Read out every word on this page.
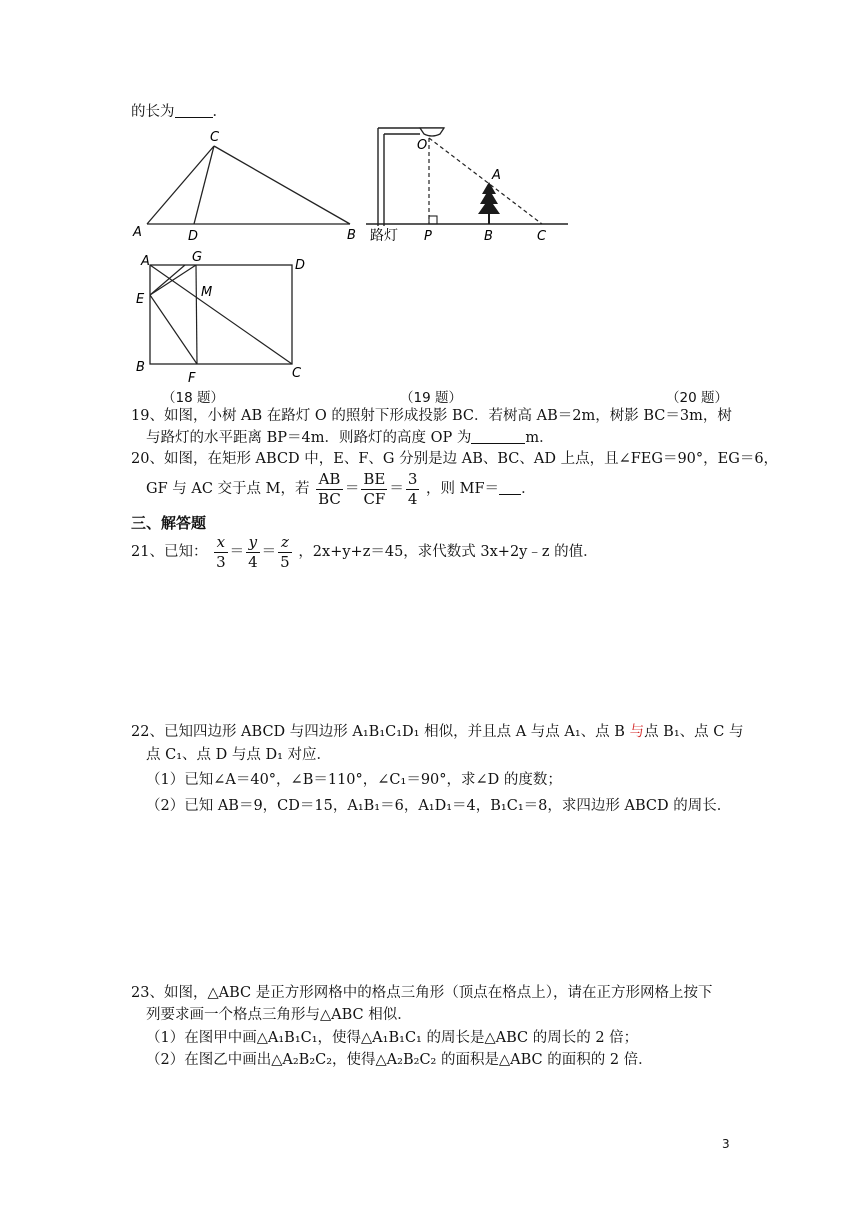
的长为	．
C
A	D	B
O
A
P	B	C
路灯
A	G
D
E	M
B
F	C
（18 题）	（19 题）	（20 题）
19、如图，小树 AB 在路灯 O 的照射下形成投影 BC．若树高 AB＝2m，树影 BC＝3m，树
与路灯的水平距离 BP＝4m．则路灯的高度 OP 为	m．
20、如图，在矩形 ABCD 中，E、F、G 分别是边 AB、BC、AD 上点，且∠FEG＝90°，EG＝6，
GF 与 AC 交于点 M，若 $\frac{AB}{BC} = \frac{BE}{CF} = \frac{3}{4}$ ，则 MF＝ ．
三、解答题
21、已知： $\frac{x}{3} = \frac{y}{4} = \frac{z}{5}$ ，2x+y+z＝45，求代数式 3x+2y﹣z 的值．
22、已知四边形 ABCD 与四边形 A₁B₁C₁D₁ 相似，并且点 A 与点 A₁、点 B 与点 B₁、点 C 与
点 C₁、点 D 与点 D₁ 对应．
（1）已知∠A＝40°，∠B＝110°，∠C₁＝90°，求∠D 的度数；
（2）已知 AB＝9，CD＝15，A₁B₁＝6，A₁D₁＝4，B₁C₁＝8，求四边形 ABCD 的周长．
23、如图，△ABC 是正方形网格中的格点三角形（顶点在格点上），请在正方形网格上按下
列要求画一个格点三角形与△ABC 相似．
（1）在图甲中画△A₁B₁C₁，使得△A₁B₁C₁ 的周长是△ABC 的周长的 2 倍；
（2）在图乙中画出△A₂B₂C₂，使得△A₂B₂C₂ 的面积是△ABC 的面积的 2 倍．
3
